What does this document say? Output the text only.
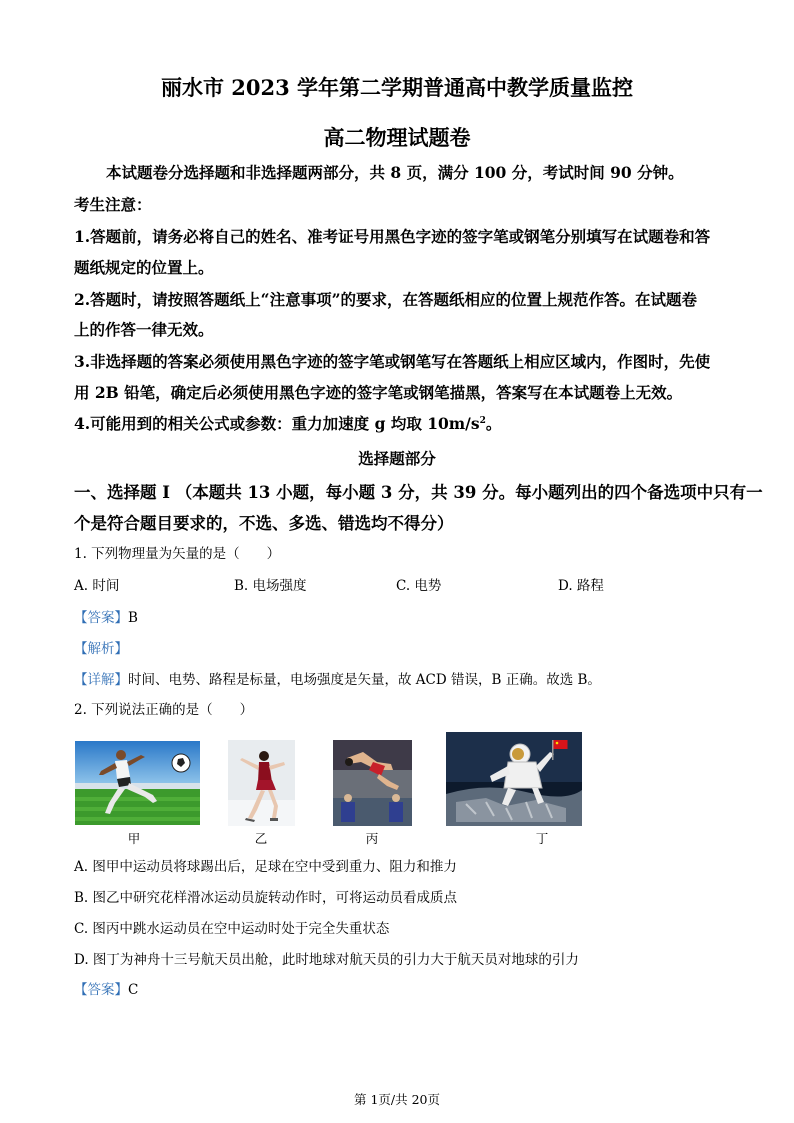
丽水市 2023 学年第二学期普通高中教学质量监控
高二物理试题卷
本试题卷分选择题和非选择题两部分，共 8 页，满分 100 分，考试时间 90 分钟。
考生注意：
1.答题前，请务必将自己的姓名、准考证号用黑色字迹的签字笔或钢笔分别填写在试题卷和答
题纸规定的位置上。
2.答题时，请按照答题纸上“注意事项”的要求，在答题纸相应的位置上规范作答。在试题卷
上的作答一律无效。
3.非选择题的答案必须使用黑色字迹的签字笔或钢笔写在答题纸上相应区域内，作图时，先使
用 2B 铅笔，确定后必须使用黑色字迹的签字笔或钢笔描黑，答案写在本试题卷上无效。
4.可能用到的相关公式或参数：重力加速度 g 均取 $10m/s^2$。
选择题部分
一、选择题 I （本题共 13 小题，每小题 3 分，共 39 分。每小题列出的四个备选项中只有一
个是符合题目要求的，不选、多选、错选均不得分）
1. 下列物理量为矢量的是（　　）
A. 时间	B. 电场强度	C. 电势	D. 路程
【答案】B
【解析】
【详解】时间、电势、路程是标量，电场强度是矢量，故 ACD 错误，B 正确。故选 B。
2. 下列说法正确的是（　　）
甲	乙	丙	丁
A. 图甲中运动员将球踢出后，足球在空中受到重力、阻力和推力
B. 图乙中研究花样滑冰运动员旋转动作时，可将运动员看成质点
C. 图丙中跳水运动员在空中运动时处于完全失重状态
D. 图丁为神舟十三号航天员出舱，此时地球对航天员的引力大于航天员对地球的引力
【答案】C
第 1页/共 20页
